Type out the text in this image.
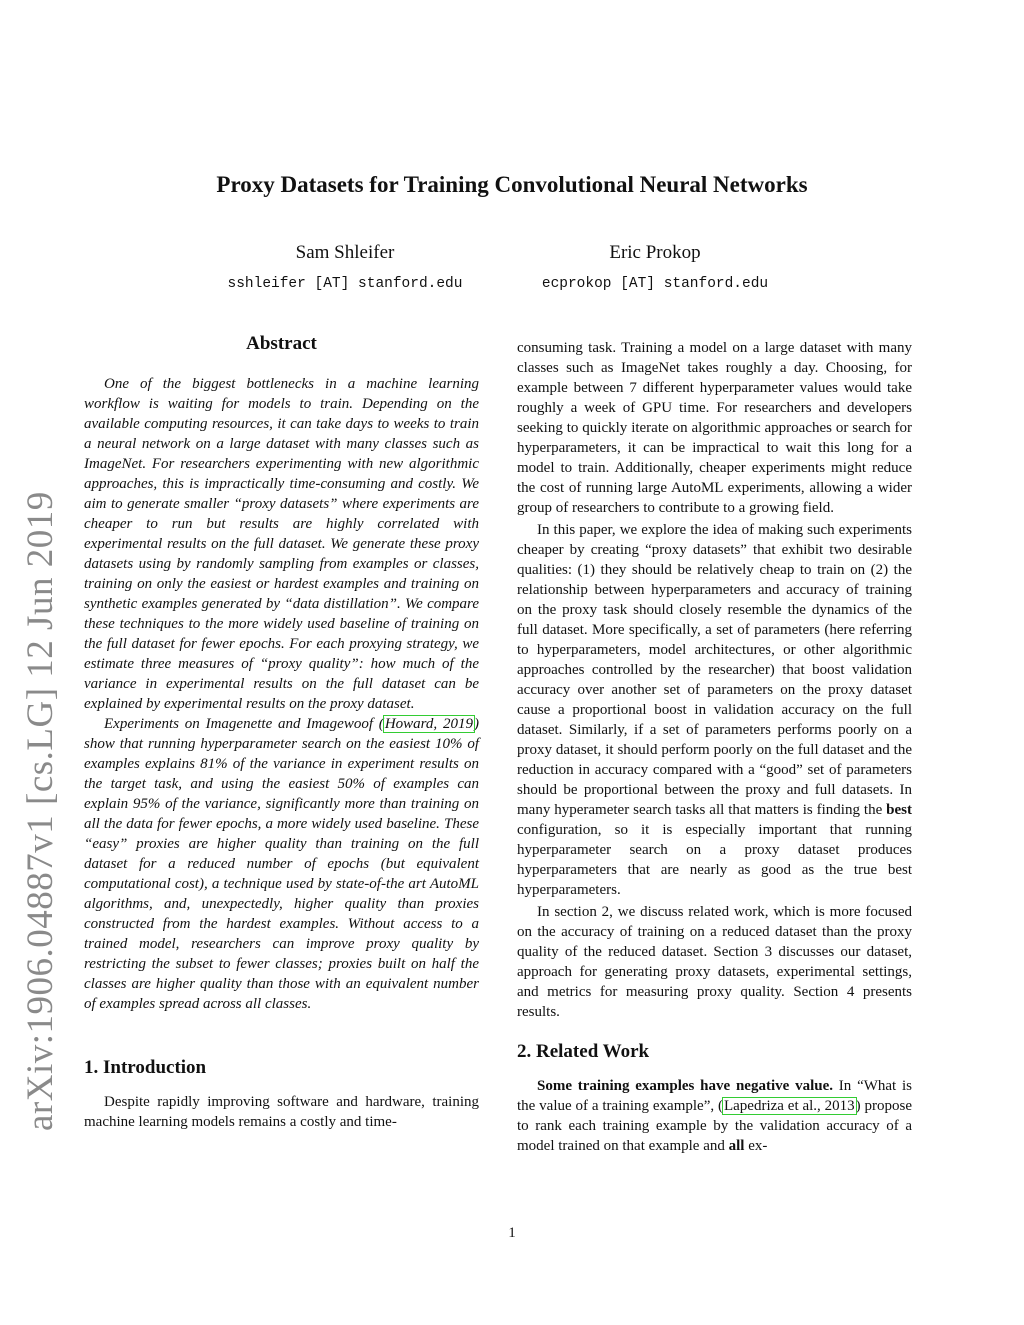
arXiv:1906.04887v1 [cs.LG] 12 Jun 2019
Proxy Datasets for Training Convolutional Neural Networks
Sam Shleifer
sshleifer [AT] stanford.edu
Eric Prokop
ecprokop [AT] stanford.edu
Abstract

One of the biggest bottlenecks in a machine learning workflow is waiting for models to train. Depending on the available computing resources, it can take days to weeks to train a neural network on a large dataset with many classes such as ImageNet. For researchers experimenting with new algorithmic approaches, this is impractically time-consuming and costly. We aim to generate smaller “proxy datasets” where experiments are cheaper to run but results are highly correlated with experimental results on the full dataset. We generate these proxy datasets using by randomly sampling from examples or classes, training on only the easiest or hardest examples and training on synthetic examples generated by “data distillation”. We compare these techniques to the more widely used baseline of training on the full dataset for fewer epochs. For each proxying strategy, we estimate three measures of “proxy quality”: how much of the variance in experimental results on the full dataset can be explained by experimental results on the proxy dataset.

Experiments on Imagenette and Imagewoof (Howard, 2019) show that running hyperparameter search on the easiest 10% of examples explains 81% of the variance in experiment results on the target task, and using the easiest 50% of examples can explain 95% of the variance, significantly more than training on all the data for fewer epochs, a more widely used baseline. These “easy” proxies are higher quality than training on the full dataset for a reduced number of epochs (but equivalent computational cost), a technique used by state-of-the art AutoML algorithms, and, unexpectedly, higher quality than proxies constructed from the hardest examples. Without access to a trained model, researchers can improve proxy quality by restricting the subset to fewer classes; proxies built on half the classes are higher quality than those with an equivalent number of examples spread across all classes.

1. Introduction

Despite rapidly improving software and hardware, training machine learning models remains a costly and time-

consuming task. Training a model on a large dataset with many classes such as ImageNet takes roughly a day. Choosing, for example between 7 different hyperparameter values would take roughly a week of GPU time. For researchers and developers seeking to quickly iterate on algorithmic approaches or search for hyperparameters, it can be impractical to wait this long for a model to train. Additionally, cheaper experiments might reduce the cost of running large AutoML experiments, allowing a wider group of researchers to contribute to a growing field.

In this paper, we explore the idea of making such experiments cheaper by creating “proxy datasets” that exhibit two desirable qualities: (1) they should be relatively cheap to train on (2) the relationship between hyperparameters and accuracy of training on the proxy task should closely resemble the dynamics of the full dataset. More specifically, a set of parameters (here referring to hyperparameters, model architectures, or other algorithmic approaches controlled by the researcher) that boost validation accuracy over another set of parameters on the proxy dataset cause a proportional boost in validation accuracy on the full dataset. Similarly, if a set of parameters performs poorly on a proxy dataset, it should perform poorly on the full dataset and the reduction in accuracy compared with a “good” set of parameters should be proportional between the proxy and full datasets. In many hyperameter search tasks all that matters is finding the best configuration, so it is especially important that running hyperparameter search on a proxy dataset produces hyperparameters that are nearly as good as the true best hyperparameters.

In section 2, we discuss related work, which is more focused on the accuracy of training on a reduced dataset than the proxy quality of the reduced dataset. Section 3 discusses our dataset, approach for generating proxy datasets, experimental settings, and metrics for measuring proxy quality. Section 4 presents results.

2. Related Work

Some training examples have negative value. In “What is the value of a training example”, (Lapedriza et al., 2013) propose to rank each training example by the validation accuracy of a model trained on that example and all ex-

1
